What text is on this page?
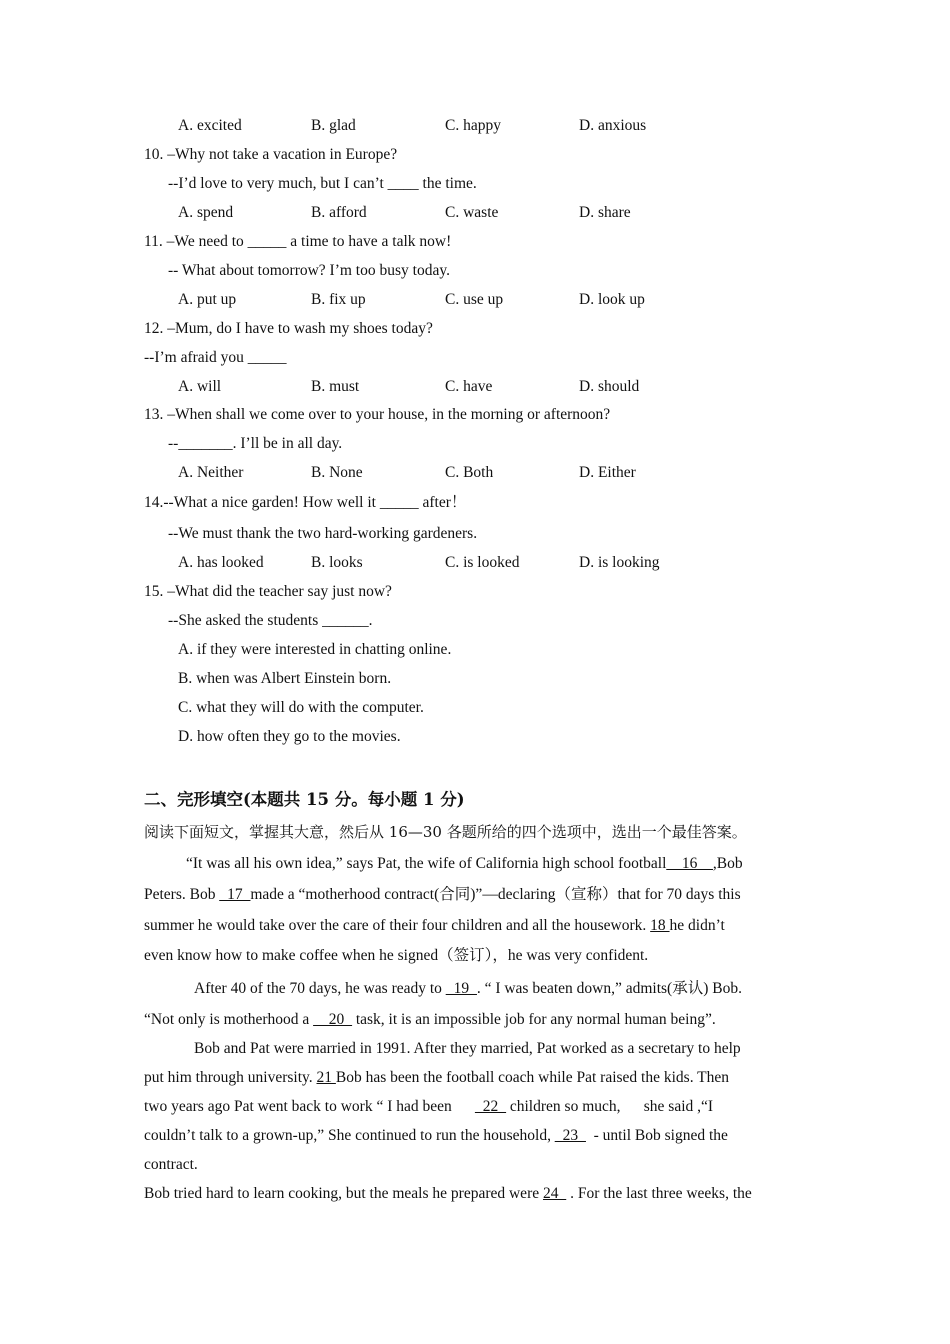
A. excited	B. glad	C. happy	D. anxious
10. –Why not take a vacation in Europe?
--I’d love to very much, but I can’t ____ the time.
A. spend	B. afford	C. waste	D. share
11. –We need to _____ a time to have a talk now!
-- What about tomorrow? I’m too busy today.
A. put up	B. fix up	C. use up	D. look up
12. –Mum, do I have to wash my shoes today?
--I’m afraid you _____
A. will	B. must	C. have	D. should
13. –When shall we come over to your house, in the morning or afternoon?
--_______. I’ll be in all day.
A. Neither	B. None	C. Both	D. Either
14.--What a nice garden! How well it _____ after！
--We must thank the two hard-working gardeners.
A. has looked	B. looks	C. is looked	D. is looking
15. –What did the teacher say just now?
--She asked the students ______.
A. if they were interested in chatting online.
B. when was Albert Einstein born.
C. what they will do with the computer.
D. how often they go to the movies.
二、完形填空(本题共 15 分。每小题 1 分)
阅读下面短文，掌握其大意，然后从 16—30 各题所给的四个选项中，选出一个最佳答案。
“It was all his own idea,” says Pat, the wife of California high school football__16__,Bob
Peters. Bob _17_made a “motherhood contract(合同)”—declaring（宣称）that for 70 days this
summer he would take over the care of their four children and all the housework. 18 he didn’t
even know how to make coffee when he signed（签订），he was very confident.
After 40 of the 70 days, he was ready to _19_. “ I was beaten down,” admits(承认) Bob.
“Not only is motherhood a __20_ task, it is an impossible job for any normal human being”.
Bob and Pat were married in 1991. After they married, Pat worked as a secretary to help
put him through university. 21 Bob has been the football coach while Pat raised the kids. Then
two years ago Pat went back to work “ I had been      _22_ children so much,      she said ,“I
couldn’t talk to a grown-up,” She continued to run the household, _23_  - until Bob signed the
contract.
Bob tried hard to learn cooking, but the meals he prepared were 24   . For the last three weeks, the
